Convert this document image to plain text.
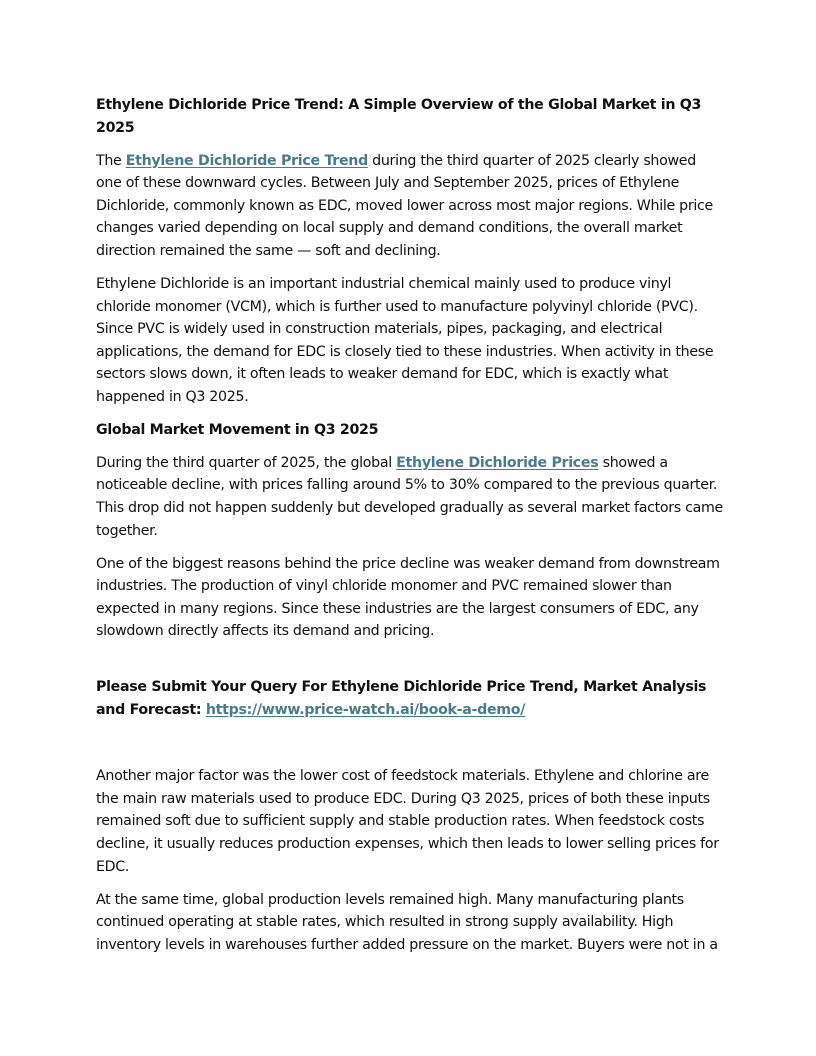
Ethylene Dichloride Price Trend: A Simple Overview of the Global Market in Q3 2025

The Ethylene Dichloride Price Trend during the third quarter of 2025 clearly showed one of these downward cycles. Between July and September 2025, prices of Ethylene Dichloride, commonly known as EDC, moved lower across most major regions. While price changes varied depending on local supply and demand conditions, the overall market direction remained the same — soft and declining.

Ethylene Dichloride is an important industrial chemical mainly used to produce vinyl chloride monomer (VCM), which is further used to manufacture polyvinyl chloride (PVC). Since PVC is widely used in construction materials, pipes, packaging, and electrical applications, the demand for EDC is closely tied to these industries. When activity in these sectors slows down, it often leads to weaker demand for EDC, which is exactly what happened in Q3 2025.

Global Market Movement in Q3 2025

During the third quarter of 2025, the global Ethylene Dichloride Prices showed a noticeable decline, with prices falling around 5% to 30% compared to the previous quarter. This drop did not happen suddenly but developed gradually as several market factors came together.

One of the biggest reasons behind the price decline was weaker demand from downstream industries. The production of vinyl chloride monomer and PVC remained slower than expected in many regions. Since these industries are the largest consumers of EDC, any slowdown directly affects its demand and pricing.

Please Submit Your Query For Ethylene Dichloride Price Trend, Market Analysis and Forecast: https://www.price-watch.ai/book-a-demo/

Another major factor was the lower cost of feedstock materials. Ethylene and chlorine are the main raw materials used to produce EDC. During Q3 2025, prices of both these inputs remained soft due to sufficient supply and stable production rates. When feedstock costs decline, it usually reduces production expenses, which then leads to lower selling prices for EDC.

At the same time, global production levels remained high. Many manufacturing plants continued operating at stable rates, which resulted in strong supply availability. High inventory levels in warehouses further added pressure on the market. Buyers were not in a
